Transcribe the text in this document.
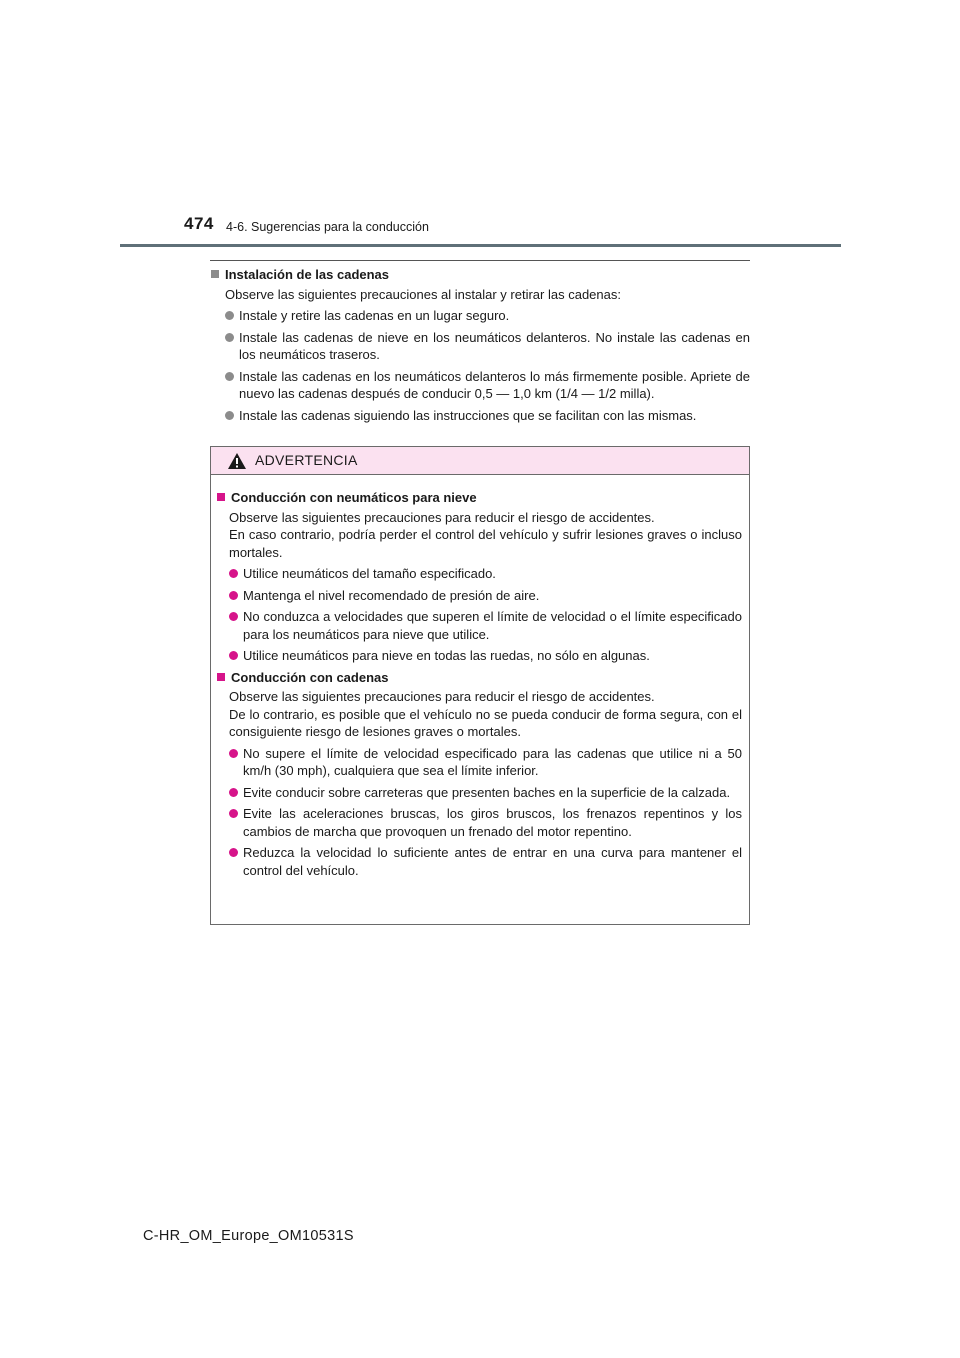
474 4-6. Sugerencias para la conducción
Instalación de las cadenas
Observe las siguientes precauciones al instalar y retirar las cadenas:
Instale y retire las cadenas en un lugar seguro.
Instale las cadenas de nieve en los neumáticos delanteros. No instale las cadenas en los neumáticos traseros.
Instale las cadenas en los neumáticos delanteros lo más firmemente posible. Apriete de nuevo las cadenas después de conducir 0,5 — 1,0 km (1/4 — 1/2 milla).
Instale las cadenas siguiendo las instrucciones que se facilitan con las mismas.
ADVERTENCIA
Conducción con neumáticos para nieve
Observe las siguientes precauciones para reducir el riesgo de accidentes.
En caso contrario, podría perder el control del vehículo y sufrir lesiones graves o incluso mortales.
Utilice neumáticos del tamaño especificado.
Mantenga el nivel recomendado de presión de aire.
No conduzca a velocidades que superen el límite de velocidad o el límite especificado para los neumáticos para nieve que utilice.
Utilice neumáticos para nieve en todas las ruedas, no sólo en algunas.
Conducción con cadenas
Observe las siguientes precauciones para reducir el riesgo de accidentes.
De lo contrario, es posible que el vehículo no se pueda conducir de forma segura, con el consiguiente riesgo de lesiones graves o mortales.
No supere el límite de velocidad especificado para las cadenas que utilice ni a 50 km/h (30 mph), cualquiera que sea el límite inferior.
Evite conducir sobre carreteras que presenten baches en la superficie de la calzada.
Evite las aceleraciones bruscas, los giros bruscos, los frenazos repentinos y los cambios de marcha que provoquen un frenado del motor repentino.
Reduzca la velocidad lo suficiente antes de entrar en una curva para mantener el control del vehículo.
C-HR_OM_Europe_OM10531S
